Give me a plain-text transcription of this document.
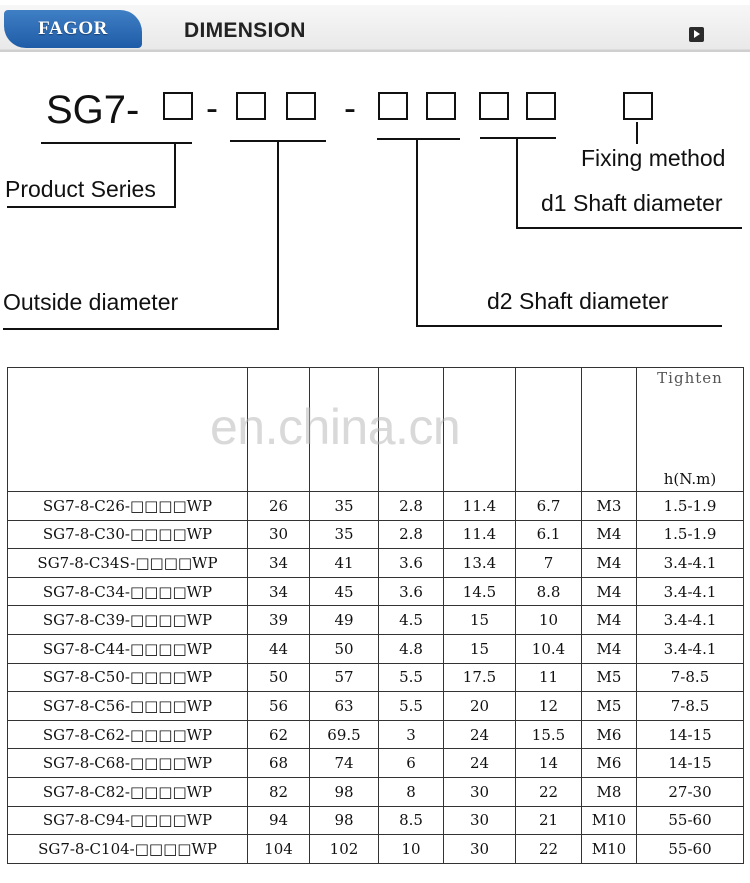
FAGOR	DIMENSION
SG7- -	-
Fixing method
Product Series
d1 Shaft diameter
Outside diameter	d2 Shaft diameter

							Tighten
h(N.m)

SG7-8-C26-□□□□WP	26	35	2.8	11.4	6.7	M3	1.5-1.9
SG7-8-C30-□□□□WP	30	35	2.8	11.4	6.1	M4	1.5-1.9
SG7-8-C34S-□□□□WP	34	41	3.6	13.4	7	M4	3.4-4.1
SG7-8-C34-□□□□WP	34	45	3.6	14.5	8.8	M4	3.4-4.1
SG7-8-C39-□□□□WP	39	49	4.5	15	10	M4	3.4-4.1
SG7-8-C44-□□□□WP	44	50	4.8	15	10.4	M4	3.4-4.1
SG7-8-C50-□□□□WP	50	57	5.5	17.5	11	M5	7-8.5
SG7-8-C56-□□□□WP	56	63	5.5	20	12	M5	7-8.5
SG7-8-C62-□□□□WP	62	69.5	3	24	15.5	M6	14-15
SG7-8-C68-□□□□WP	68	74	6	24	14	M6	14-15
SG7-8-C82-□□□□WP	82	98	8	30	22	M8	27-30
SG7-8-C94-□□□□WP	94	98	8.5	30	21	M10	55-60
SG7-8-C104-□□□□WP	104	102	10	30	22	M10	55-60
en.china.cn
